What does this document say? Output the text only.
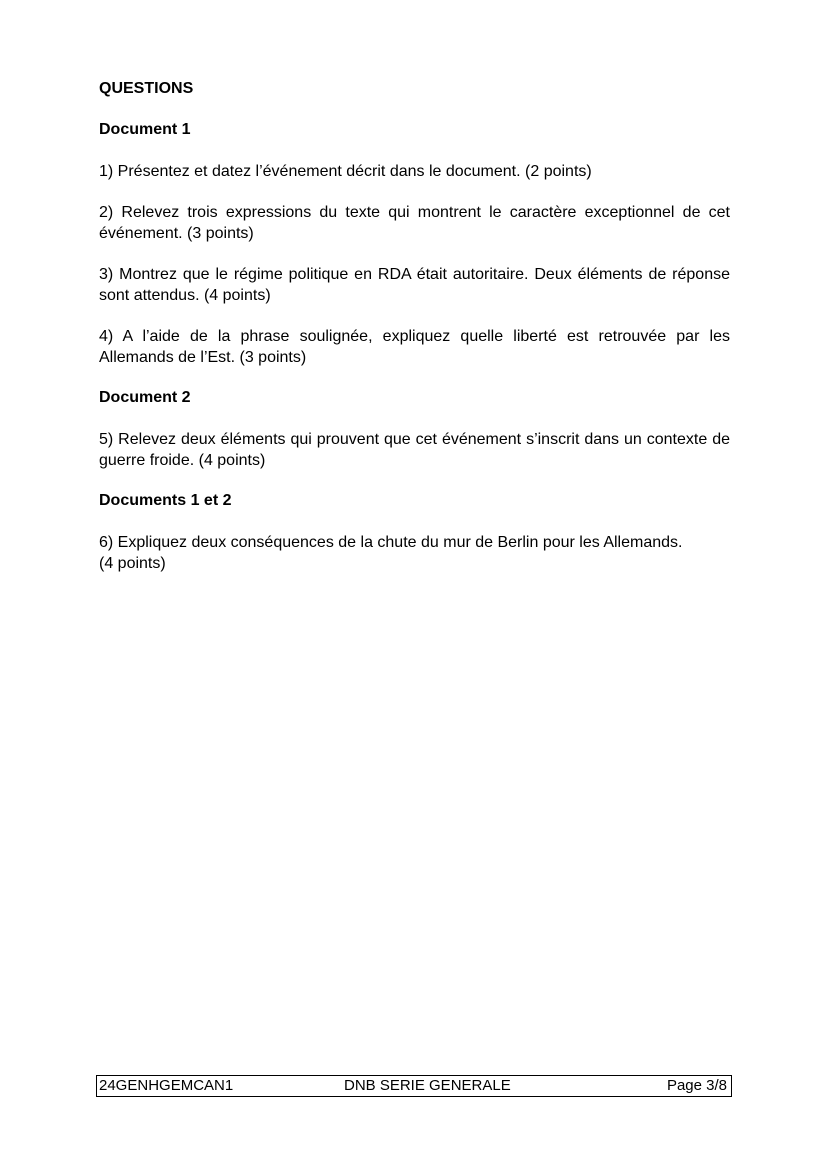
QUESTIONS
Document 1

1) Présentez et datez l’événement décrit dans le document. (2 points)

2) Relevez trois expressions du texte qui montrent le caractère exceptionnel de cet événement. (3 points)

3) Montrez que le régime politique en RDA était autoritaire. Deux éléments de réponse sont attendus. (4 points)

4) A l’aide de la phrase soulignée, expliquez quelle liberté est retrouvée par les Allemands de l’Est. (3 points)

Document 2

5) Relevez deux éléments qui prouvent que cet événement s’inscrit dans un contexte de guerre froide. (4 points)

Documents 1 et 2

6) Expliquez deux conséquences de la chute du mur de Berlin pour les Allemands.
(4 points)

24GENHGEMCAN1	DNB SERIE GENERALE	Page 3/8
